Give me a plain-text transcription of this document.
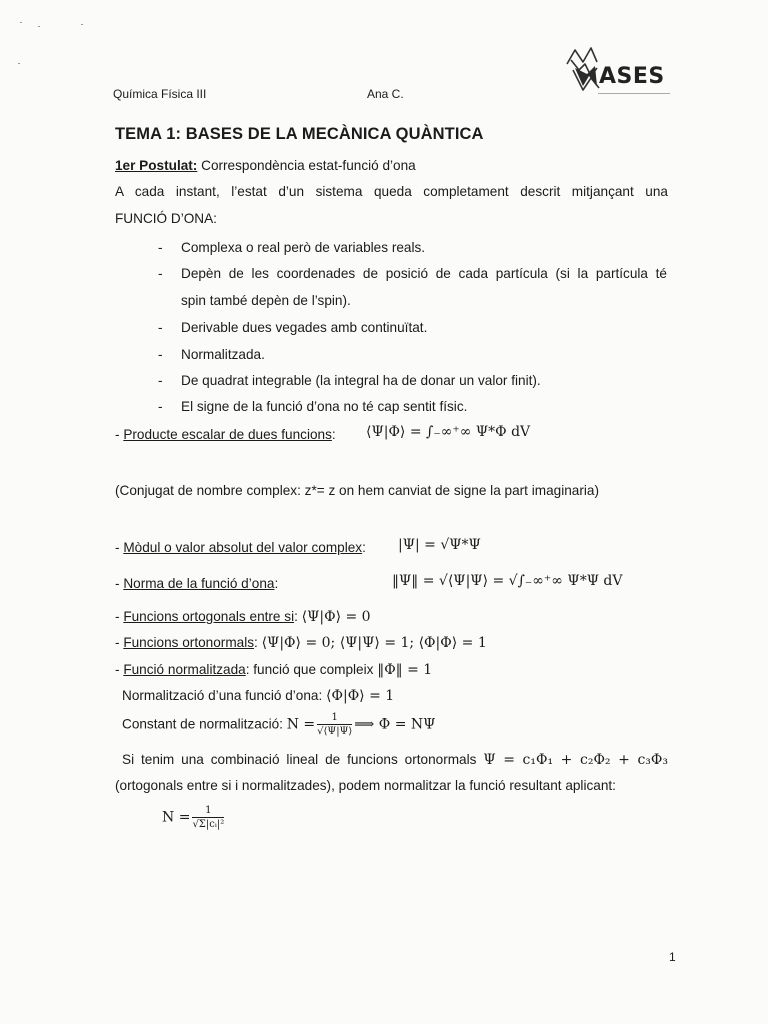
Química Física III	Ana C.
ASES
TEMA 1: BASES DE LA MECÀNICA QUÀNTICA
1er Postulat: Correspondència estat-funció d’ona
A cada instant, l’estat d’un sistema queda completament descrit mitjançant una
FUNCIÓ D’ONA:
- Complexa o real però de variables reals.
- Depèn de les coordenades de posició de cada partícula (si la partícula té
spin també depèn de l’spin).
- Derivable dues vegades amb continuïtat.
- Normalitzada.
- De quadrat integrable (la integral ha de donar un valor finit).
- El signe de la funció d’ona no té cap sentit físic.
- Producte escalar de dues funcions: ⟨Ψ|Φ⟩ = ∫₋∞⁺∞ Ψ*Φ dV
(Conjugat de nombre complex: z*= z on hem canviat de signe la part imaginaria)
- Mòdul o valor absolut del valor complex: |Ψ| = √Ψ*Ψ
- Norma de la funció d’ona:	‖Ψ‖ = √⟨Ψ|Ψ⟩ = √∫₋∞⁺∞ Ψ*Ψ dV
- Funcions ortogonals entre si: ⟨Ψ|Φ⟩ = 0
- Funcions ortonormals: ⟨Ψ|Φ⟩ = 0; ⟨Ψ|Ψ⟩ = 1; ⟨Φ|Φ⟩ = 1
- Funció normalitzada: funció que compleix ‖Φ‖ = 1
Normalització d’una funció d’ona: ⟨Φ|Φ⟩ = 1
Constant de normalització: $N = \frac{1}{√⟨\Psi|\Psi⟩}$ ⟹ Φ = NΨ
Si tenim una combinació lineal de funcions ortonormals Ψ = c₁Φ₁ + c₂Φ₂ + c₃Φ₃
(ortogonals entre si i normalitzades), podem normalitzar la funció resultant aplicant:
$N = \frac{1}{\text{√Σ|cᵢ|²}}$
1
